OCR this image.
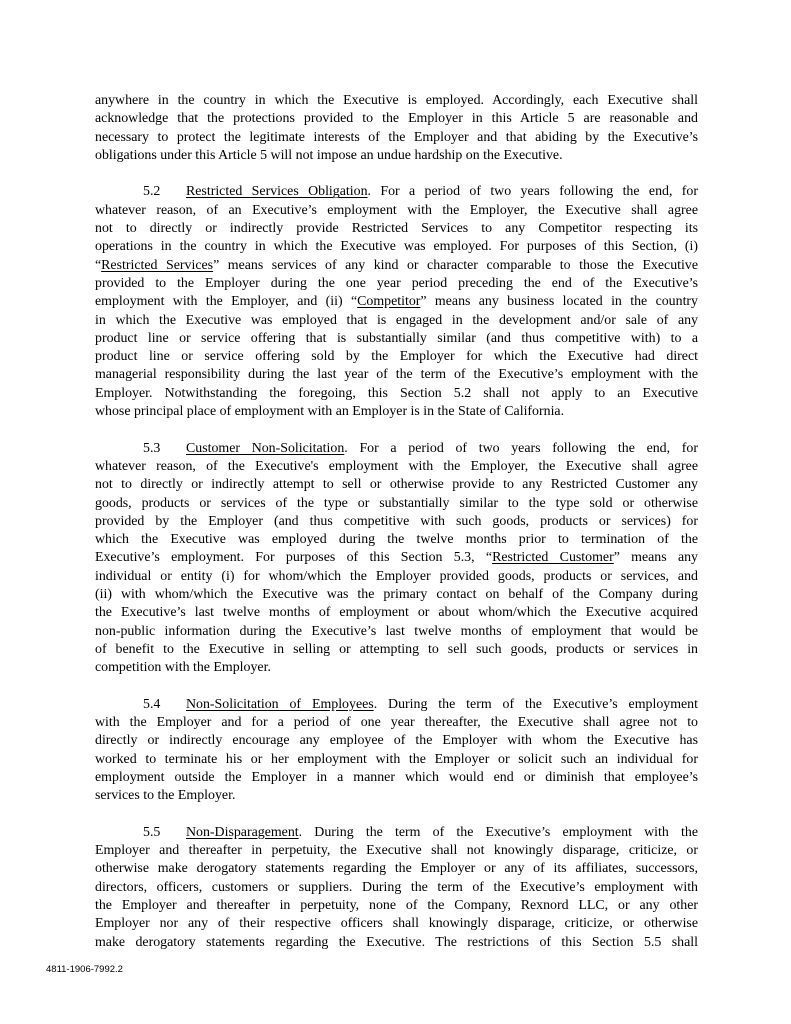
anywhere in the country in which the Executive is employed. Accordingly, each Executive shall
acknowledge that the protections provided to the Employer in this Article 5 are reasonable and
necessary to protect the legitimate interests of the Employer and that abiding by the Executive’s
obligations under this Article 5 will not impose an undue hardship on the Executive.

5.2 Restricted Services Obligation. For a period of two years following the end, for
whatever reason, of an Executive’s employment with the Employer, the Executive shall agree
not to directly or indirectly provide Restricted Services to any Competitor respecting its
operations in the country in which the Executive was employed. For purposes of this Section, (i)
“Restricted Services” means services of any kind or character comparable to those the Executive
provided to the Employer during the one year period preceding the end of the Executive’s
employment with the Employer, and (ii) “Competitor” means any business located in the country
in which the Executive was employed that is engaged in the development and/or sale of any
product line or service offering that is substantially similar (and thus competitive with) to a
product line or service offering sold by the Employer for which the Executive had direct
managerial responsibility during the last year of the term of the Executive’s employment with the
Employer. Notwithstanding the foregoing, this Section 5.2 shall not apply to an Executive
whose principal place of employment with an Employer is in the State of California.

5.3 Customer Non-Solicitation. For a period of two years following the end, for
whatever reason, of the Executive's employment with the Employer, the Executive shall agree
not to directly or indirectly attempt to sell or otherwise provide to any Restricted Customer any
goods, products or services of the type or substantially similar to the type sold or otherwise
provided by the Employer (and thus competitive with such goods, products or services) for
which the Executive was employed during the twelve months prior to termination of the
Executive’s employment. For purposes of this Section 5.3, “Restricted Customer” means any
individual or entity (i) for whom/which the Employer provided goods, products or services, and
(ii) with whom/which the Executive was the primary contact on behalf of the Company during
the Executive’s last twelve months of employment or about whom/which the Executive acquired
non-public information during the Executive’s last twelve months of employment that would be
of benefit to the Executive in selling or attempting to sell such goods, products or services in
competition with the Employer.

5.4 Non-Solicitation of Employees. During the term of the Executive’s employment
with the Employer and for a period of one year thereafter, the Executive shall agree not to
directly or indirectly encourage any employee of the Employer with whom the Executive has
worked to terminate his or her employment with the Employer or solicit such an individual for
employment outside the Employer in a manner which would end or diminish that employee’s
services to the Employer.

5.5 Non-Disparagement. During the term of the Executive’s employment with the
Employer and thereafter in perpetuity, the Executive shall not knowingly disparage, criticize, or
otherwise make derogatory statements regarding the Employer or any of its affiliates, successors,
directors, officers, customers or suppliers. During the term of the Executive’s employment with
the Employer and thereafter in perpetuity, none of the Company, Rexnord LLC, or any other
Employer nor any of their respective officers shall knowingly disparage, criticize, or otherwise
make derogatory statements regarding the Executive. The restrictions of this Section 5.5 shall

4811-1906-7992.2
